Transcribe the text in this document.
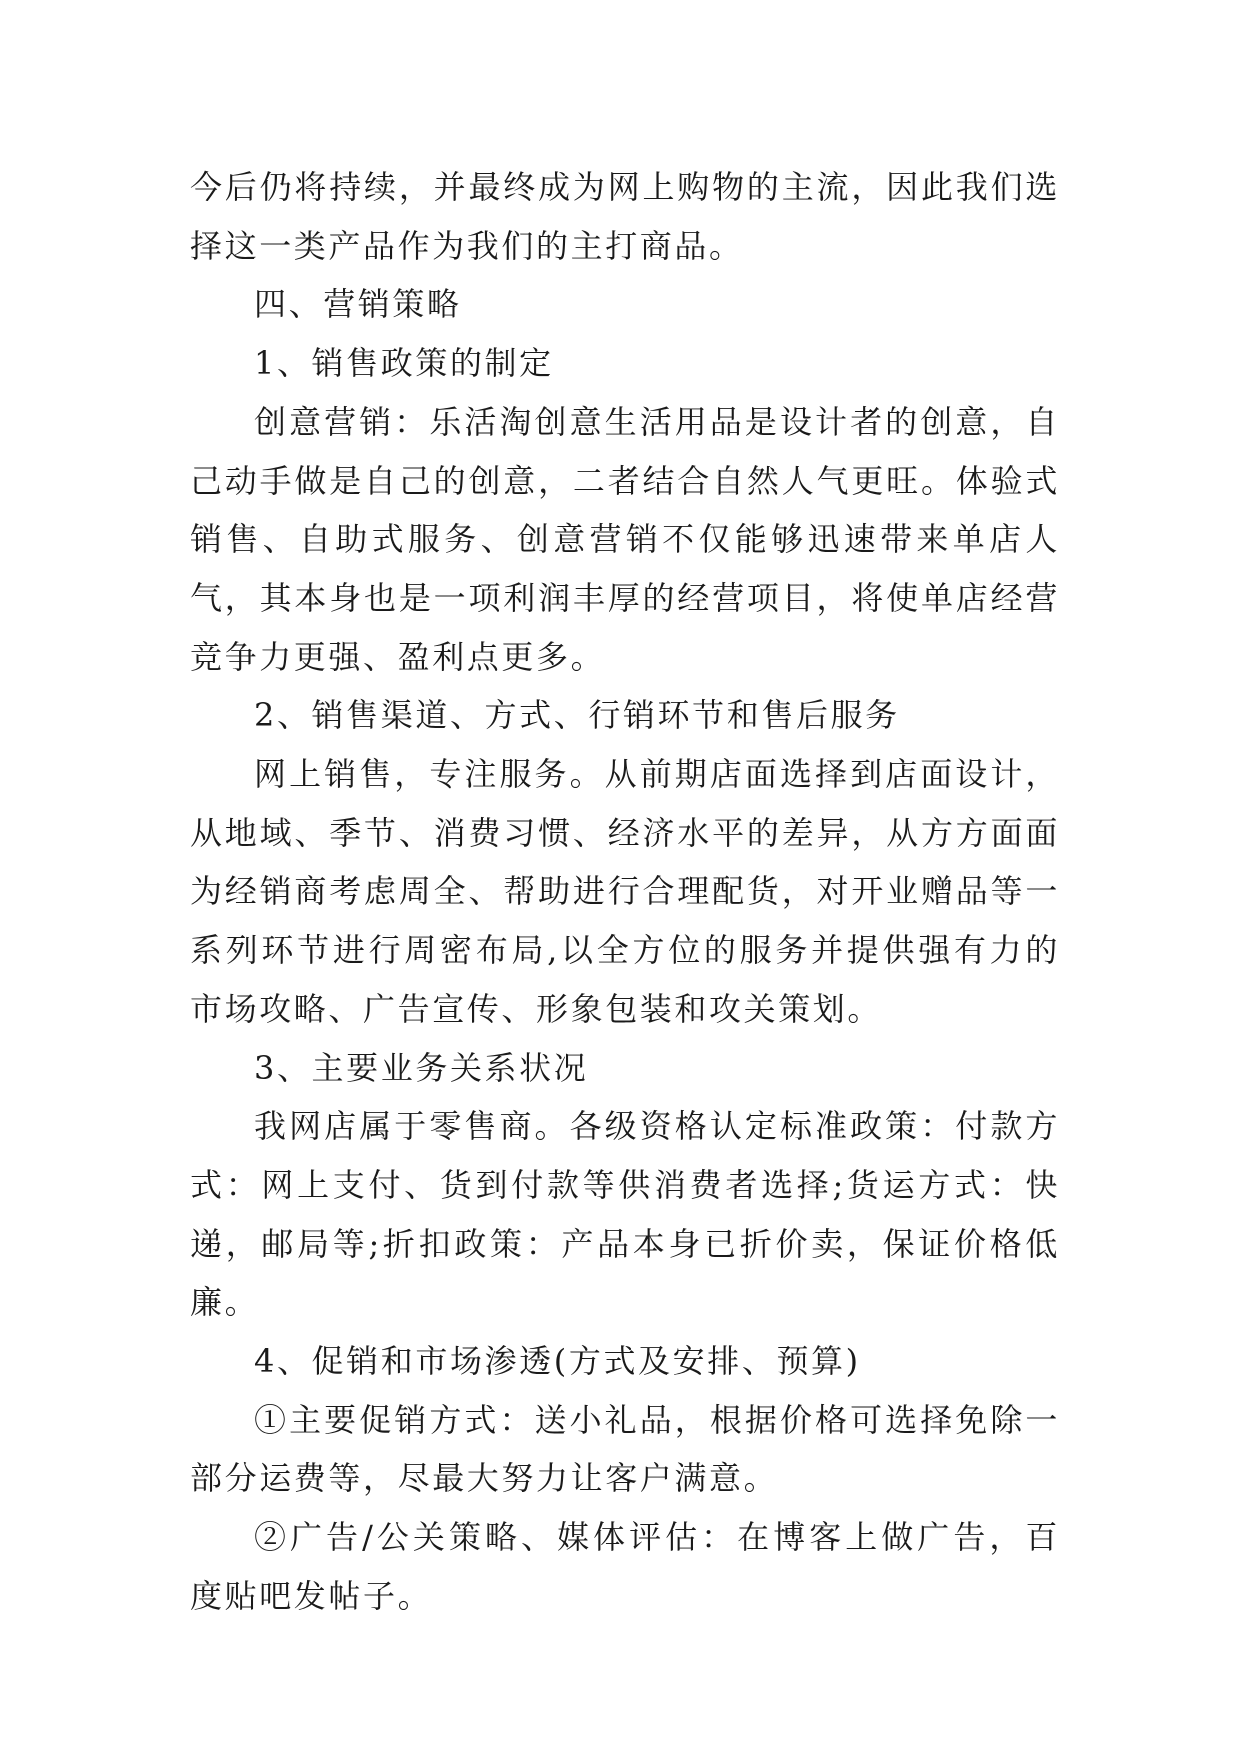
今后仍将持续，并最终成为网上购物的主流，因此我们选择这一类产品作为我们的主打商品。

四、营销策略

1、销售政策的制定

创意营销：乐活淘创意生活用品是设计者的创意，自己动手做是自己的创意，二者结合自然人气更旺。体验式销售、自助式服务、创意营销不仅能够迅速带来单店人气，其本身也是一项利润丰厚的经营项目，将使单店经营竞争力更强、盈利点更多。

2、销售渠道、方式、行销环节和售后服务

网上销售，专注服务。从前期店面选择到店面设计，从地域、季节、消费习惯、经济水平的差异，从方方面面为经销商考虑周全、帮助进行合理配货，对开业赠品等一系列环节进行周密布局,以全方位的服务并提供强有力的市场攻略、广告宣传、形象包装和攻关策划。

3、主要业务关系状况

我网店属于零售商。各级资格认定标准政策：付款方式：网上支付、货到付款等供消费者选择;货运方式：快递，邮局等;折扣政策：产品本身已折价卖，保证价格低廉。

4、促销和市场渗透(方式及安排、预算)

①主要促销方式：送小礼品，根据价格可选择免除一部分运费等，尽最大努力让客户满意。

②广告/公关策略、媒体评估：在博客上做广告，百度贴吧发帖子。
